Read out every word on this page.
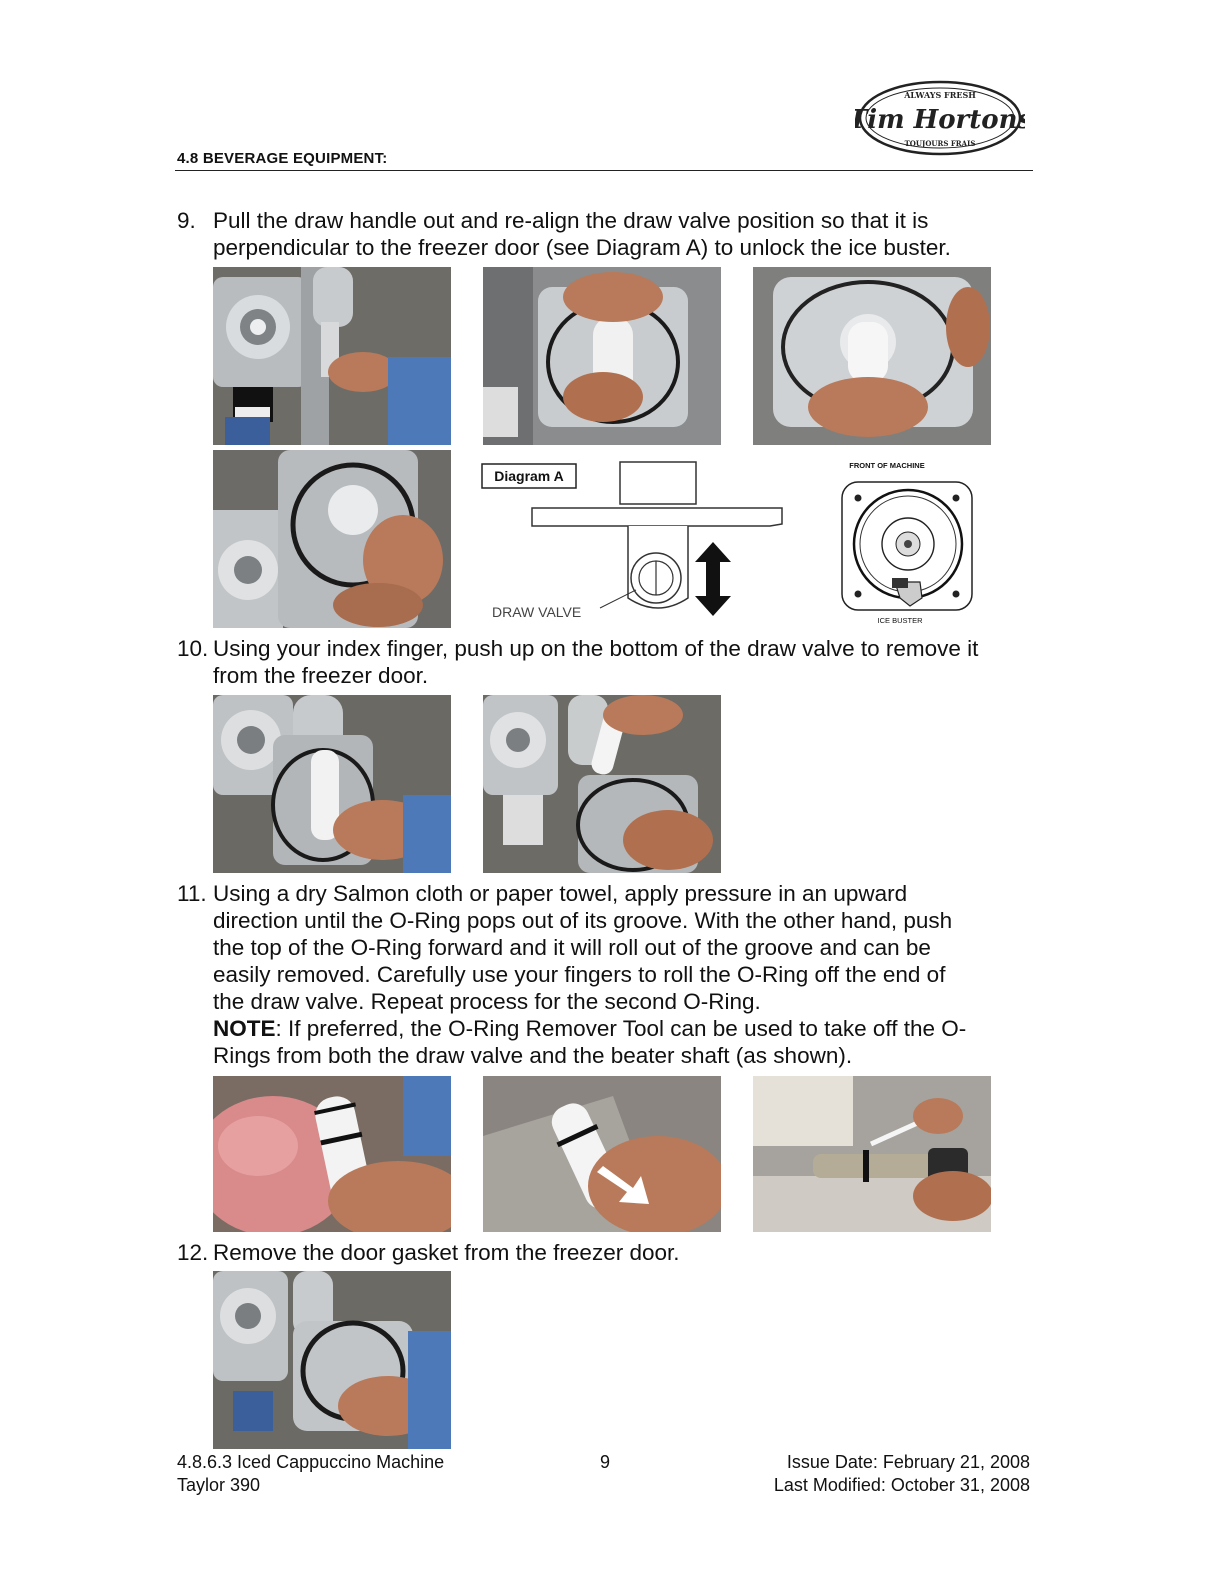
4.8 BEVERAGE EQUIPMENT:
ALWAYS FRESH
Tim Hortons
TOUJOURS FRAIS
9. Pull the draw handle out and re-align the draw valve position so that it is
perpendicular to the freezer door (see Diagram A) to unlock the ice buster.
Diagram A
DRAW VALVE
FRONT OF MACHINE
ICE BUSTER
10. Using your index finger, push up on the bottom of the draw valve to remove it
from the freezer door.
11. Using a dry Salmon cloth or paper towel, apply pressure in an upward
direction until the O-Ring pops out of its groove. With the other hand, push
the top of the O-Ring forward and it will roll out of the groove and can be
easily removed. Carefully use your fingers to roll the O-Ring off the end of
the draw valve. Repeat process for the second O-Ring.
NOTE: If preferred, the O-Ring Remover Tool can be used to take off the O-
Rings from both the draw valve and the beater shaft (as shown).
12. Remove the door gasket from the freezer door.
4.8.6.3 Iced Cappuccino Machine
Taylor 390
9	Issue Date: February 21, 2008
Last Modified: October 31, 2008
